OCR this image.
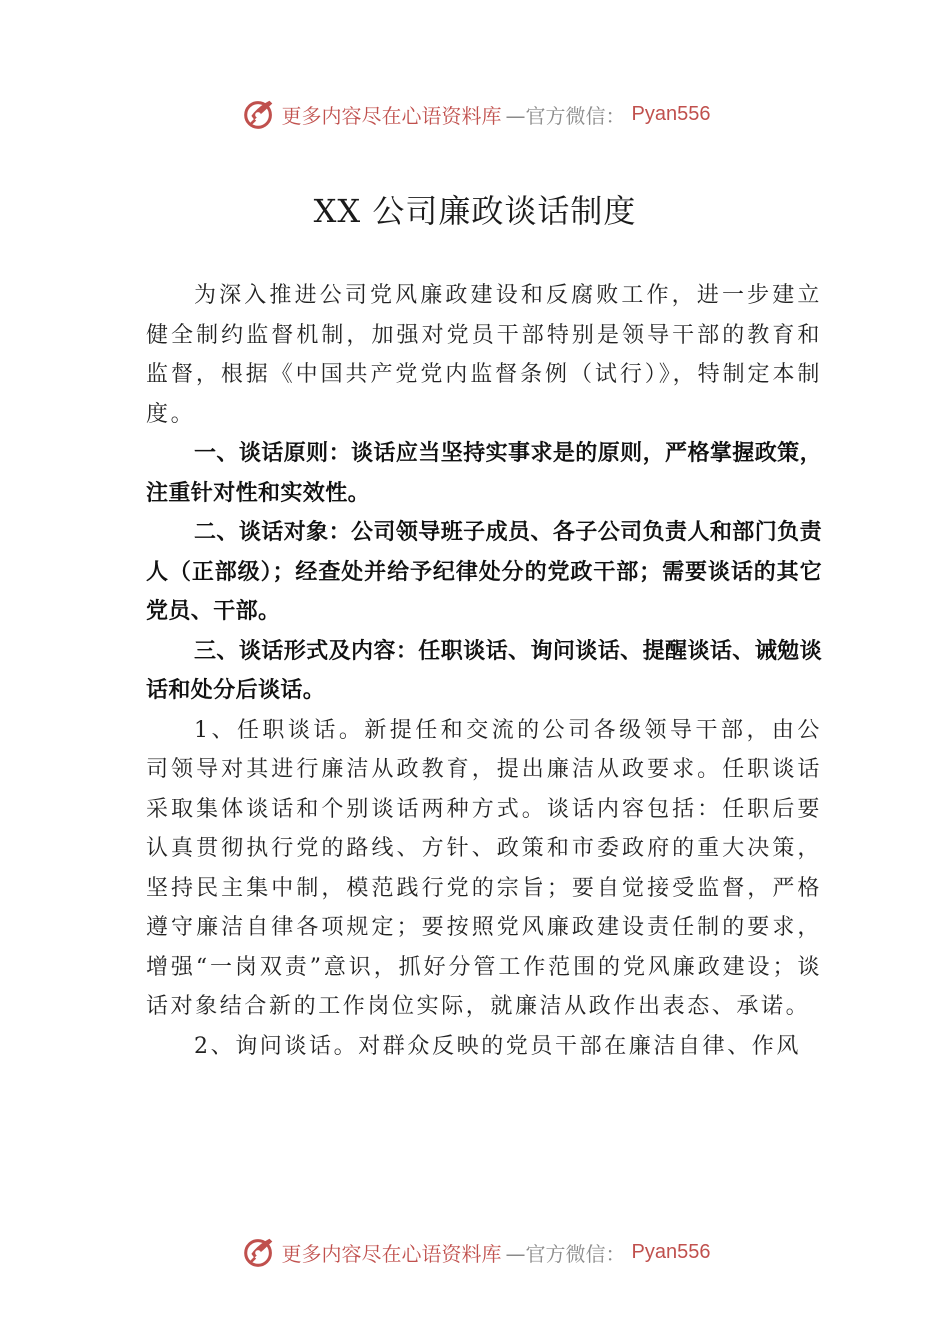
更多内容尽在心语资料库 —官方微信： Pyan556
XX 公司廉政谈话制度

为深入推进公司党风廉政建设和反腐败工作，进一步建立健全制约监督机制，加强对党员干部特别是领导干部的教育和监督，根据《中国共产党党内监督条例（试行）》，特制定本制度。

一、谈话原则：谈话应当坚持实事求是的原则，严格掌握政策，注重针对性和实效性。

二、谈话对象：公司领导班子成员、各子公司负责人和部门负责人（正部级）；经查处并给予纪律处分的党政干部；需要谈话的其它党员、干部。

三、谈话形式及内容：任职谈话、询问谈话、提醒谈话、诫勉谈话和处分后谈话。

1、任职谈话。新提任和交流的公司各级领导干部，由公司领导对其进行廉洁从政教育，提出廉洁从政要求。任职谈话采取集体谈话和个别谈话两种方式。谈话内容包括：任职后要认真贯彻执行党的路线、方针、政策和市委政府的重大决策，坚持民主集中制，模范践行党的宗旨；要自觉接受监督，严格遵守廉洁自律各项规定；要按照党风廉政建设责任制的要求，增强“一岗双责”意识，抓好分管工作范围的党风廉政建设；谈话对象结合新的工作岗位实际，就廉洁从政作出表态、承诺。

2、询问谈话。对群众反映的党员干部在廉洁自律、作风

更多内容尽在心语资料库 —官方微信： Pyan556
